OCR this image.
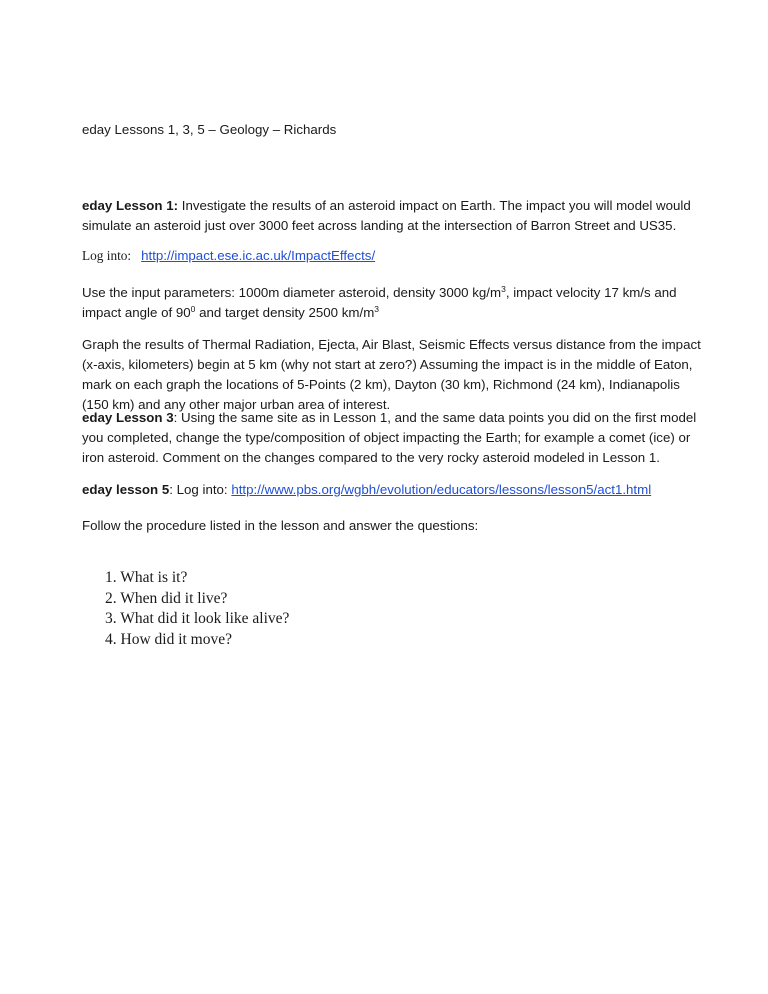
eday Lessons 1, 3, 5 – Geology – Richards

eday Lesson 1: Investigate the results of an asteroid impact on Earth. The impact you will model would simulate an asteroid just over 3000 feet across landing at the intersection of Barron Street and US35.

Log into:   http://impact.ese.ic.ac.uk/ImpactEffects/

Use the input parameters: 1000m diameter asteroid, density 3000 $kg/m^3$, impact velocity 17 km/s and impact angle of $90^0$ and target density 2500 $km/m^3$

Graph the results of Thermal Radiation, Ejecta, Air Blast, Seismic Effects versus distance from the impact (x-axis, kilometers) begin at 5 km (why not start at zero?) Assuming the impact is in the middle of Eaton, mark on each graph the locations of 5-Points (2 km), Dayton (30 km), Richmond (24 km), Indianapolis (150 km) and any other major urban area of interest.

eday Lesson 3: Using the same site as in Lesson 1, and the same data points you did on the first model you completed, change the type/composition of object impacting the Earth; for example a comet (ice) or iron asteroid. Comment on the changes compared to the very rocky asteroid modeled in Lesson 1.

eday lesson 5: Log into: http://www.pbs.org/wgbh/evolution/educators/lessons/lesson5/act1.html

Follow the procedure listed in the lesson and answer the questions:

1. What is it?
2. When did it live?
3. What did it look like alive?
4. How did it move?
